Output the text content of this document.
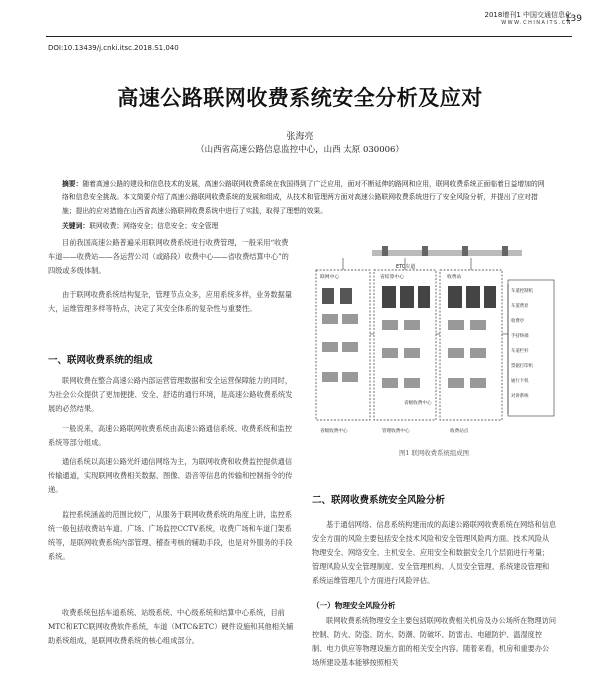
2018增刊1 中国交通信息化
WWW.CHINAITS.CN
139
DOI:10.13439/j.cnki.itsc.2018.S1.040
高速公路联网收费系统安全分析及应对
张海亮
（山西省高速公路信息监控中心，山西 太原 030006）
摘要：随着高速公路的建设和信息技术的发展，高速公路联网收费系统在我国得到了广泛应用，面对不断延伸的路网和应用，联网收费系统正面临着日益增加的网络和信息安全挑战。本文简要介绍了高速公路联网收费系统的发展和组成，从技术和管理两方面对高速公路联网收费系统进行了安全风险分析，并提出了应对措施；提出的应对措施在山西省高速公路联网收费系统中进行了实践，取得了理想的效果。
关键词：联网收费；网络安全；信息安全；安全管理

目前我国高速公路普遍采用联网收费系统进行收费管理，一般采用“收费车道——收费站——各运营公司（或路段）收费中心——省收费结算中心”的四级或多级体制。

由于联网收费系统结构复杂，管理节点众多，应用系统多样，业务数据量大，运维管理多样等特点，决定了其安全体系的复杂性与重要性。

一、联网收费系统的组成

联网收费在整合高速公路内部运营管理数据和安全运营保障能力的同时，为社会公众提供了更加便捷、安全、舒适的通行环境，是高速公路收费系统发展的必然结果。

一般说来，高速公路联网收费系统由高速公路通信系统、收费系统和监控系统等部分组成。

通信系统以高速公路光纤通信网络为主，为联网收费和收费监控提供通信传输通道，实现联网收费相关数据、图像、语音等信息的传输和控制指令的传递。

监控系统涵盖的范围比较广，从服务于联网收费系统的角度上讲，监控系统一般包括收费站车道、广场、广场监控CCTV系统，收费广场和车道门架系统等，是联网收费系统内部管理、稽查考核的辅助手段，也是对外服务的手段系统。

收费系统包括车道系统、站级系统、中心级系统和结算中心系统，目前MTC和ETC联网收费软件系统，车道（MTC&ETC）硬件设施和其他相关辅助系统组成，是联网收费系统的核心组成部分。

ETC车道
联网中心	省结算中心	收费站
车道控制机
车道费显
收费亭
手持终端
车道栏杆
票据打印机
通行卡机
对讲系统
省级收费中心	管理收费中心	收费站点
省级收费中心
图1 联网收费系统组成图
二、联网收费系统安全风险分析

基于通信网络、信息系统构建而成的高速公路联网收费系统在网络和信息安全方面的风险主要包括安全技术风险和安全管理风险两方面。技术风险从物理安全、网络安全、主机安全、应用安全和数据安全几个层面进行考量；管理风险从安全管理制度、安全管理机构、人员安全管理、系统建设管理和系统运维管理几个方面进行风险评估。

（一）物理安全风险分析

联网收费系统物理安全主要包括联网收费相关机房及办公场所在物理访问控制、防火、防盗、防水、防潮、防破坏、防雷击、电磁防护、温湿度控制、电力供应等物理设施方面的相关安全内容。随着来看，机房和重要办公场所建设基本能够按照相关
